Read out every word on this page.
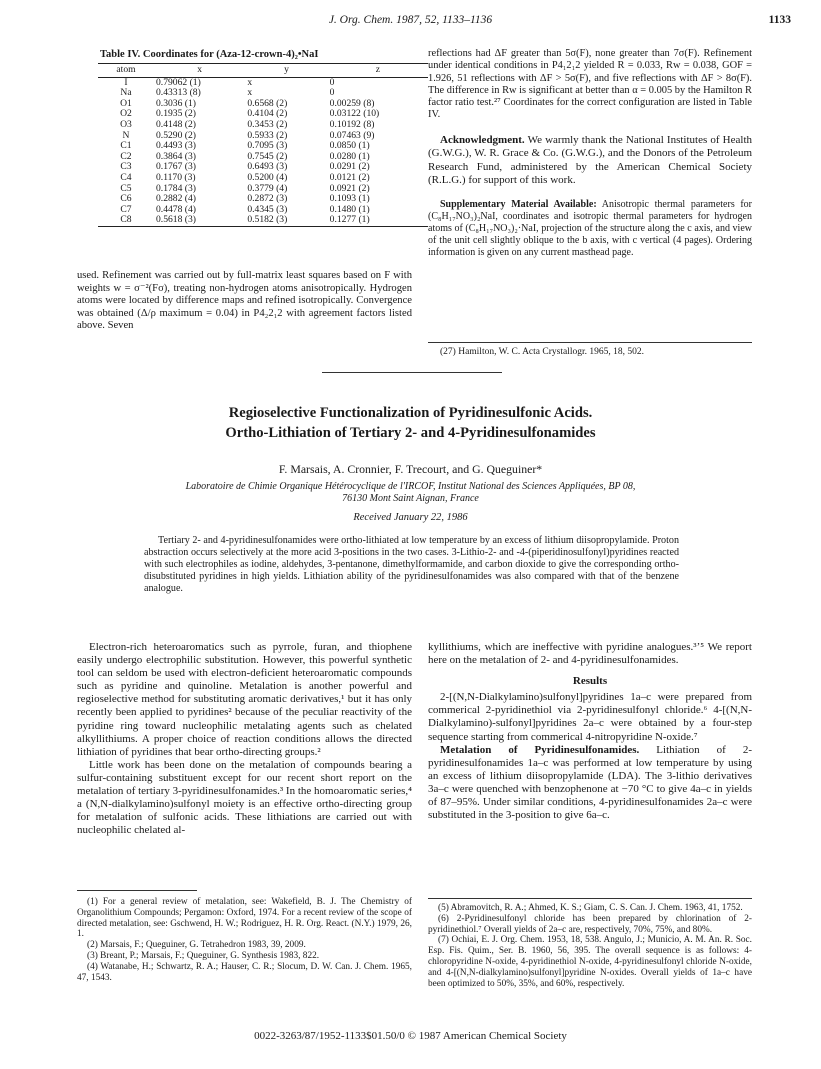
J. Org. Chem. 1987, 52, 1133–1136	1133
Table IV. Coordinates for (Aza-12-crown-4)₂•NaI
atom	x	y	z
I	0.79062 (1)	x	0
Na	0.43313 (8)	x	0
O1	0.3036 (1)	0.6568 (2)	0.00259 (8)
O2	0.1935 (2)	0.4104 (2)	0.03122 (10)
O3	0.4148 (2)	0.3453 (2)	0.10192 (8)
N	0.5290 (2)	0.5933 (2)	0.07463 (9)
C1	0.4493 (3)	0.7095 (3)	0.0850 (1)
C2	0.3864 (3)	0.7545 (2)	0.0280 (1)
C3	0.1767 (3)	0.6493 (3)	0.0291 (2)
C4	0.1170 (3)	0.5200 (4)	0.0121 (2)
C5	0.1784 (3)	0.3779 (4)	0.0921 (2)
C6	0.2882 (4)	0.2872 (3)	0.1093 (1)
C7	0.4478 (4)	0.4345 (3)	0.1480 (1)
C8	0.5618 (3)	0.5182 (3)	0.1277 (1)

used. Refinement was carried out by full-matrix least squares based on F with weights w = σ⁻²(Fσ), treating non-hydrogen atoms anisotropically. Hydrogen atoms were located by difference maps and refined isotropically. Convergence was obtained (Δ/ρ maximum = 0.04) in P4₂2₁2 with agreement factors listed above. Seven

reflections had ΔF greater than 5σ(F), none greater than 7σ(F). Refinement under identical conditions in P4₁2₁2 yielded R = 0.033, Rw = 0.038, GOF = 1.926, 51 reflections with ΔF > 5σ(F), and five reflections with ΔF > 8σ(F). The difference in Rw is significant at better than α = 0.005 by the Hamilton R factor ratio test.²⁷ Coordinates for the correct configuration are listed in Table IV.

Acknowledgment. We warmly thank the National Institutes of Health (G.W.G.), W. R. Grace & Co. (G.W.G.), and the Donors of the Petroleum Research Fund, administered by the American Chemical Society (R.L.G.) for support of this work.

Supplementary Material Available: Anisotropic thermal parameters for (C₈H₁₇NO₃)₂NaI, coordinates and isotropic thermal parameters for hydrogen atoms of (C₈H₁₇NO₃)₂·NaI, projection of the structure along the c axis, and view of the unit cell slightly oblique to the b axis, with c vertical (4 pages). Ordering information is given on any current masthead page.

(27) Hamilton, W. C. Acta Crystallogr. 1965, 18, 502.
Regioselective Functionalization of Pyridinesulfonic Acids.
Ortho-Lithiation of Tertiary 2- and 4-Pyridinesulfonamides
F. Marsais, A. Cronnier, F. Trecourt, and G. Queguiner*
Laboratoire de Chimie Organique Hétérocyclique de l'IRCOF, Institut National des Sciences Appliquées, BP 08,
76130 Mont Saint Aignan, France
Received January 22, 1986
Tertiary 2- and 4-pyridinesulfonamides were ortho-lithiated at low temperature by an excess of lithium diisopropylamide. Proton abstraction occurs selectively at the more acid 3-positions in the two cases. 3-Lithio-2- and -4-(piperidinosulfonyl)pyridines reacted with such electrophiles as iodine, aldehydes, 3-pentanone, dimethylformamide, and carbon dioxide to give the corresponding ortho-disubstituted pyridines in high yields. Lithiation ability of the pyridinesulfonamides was also compared with that of the benzene analogue.

Electron-rich heteroaromatics such as pyrrole, furan, and thiophene easily undergo electrophilic substitution. However, this powerful synthetic tool can seldom be used with electron-deficient heteroaromatic compounds such as pyridine and quinoline. Metalation is another powerful and regioselective method for substituting aromatic derivatives,¹ but it has only recently been applied to pyridines² because of the peculiar reactivity of the pyridine ring toward nucleophilic metalating agents such as chelated alkyllithiums. A proper choice of reaction conditions allows the directed lithiation of pyridines that bear ortho-directing groups.²

Little work has been done on the metalation of compounds bearing a sulfur-containing substituent except for our recent short report on the metalation of tertiary 3-pyridinesulfonamides.³ In the homoaromatic series,⁴ a (N,N-dialkylamino)sulfonyl moiety is an effective ortho-directing group for metalation of sulfonic acids. These lithiations are carried out with nucleophilic chelated al-

(1) For a general review of metalation, see: Wakefield, B. J. The Chemistry of Organolithium Compounds; Pergamon: Oxford, 1974. For a recent review of the scope of directed metalation, see: Gschwend, H. W.; Rodriguez, H. R. Org. React. (N.Y.) 1979, 26, 1.

(2) Marsais, F.; Queguiner, G. Tetrahedron 1983, 39, 2009.

(3) Breant, P.; Marsais, F.; Queguiner, G. Synthesis 1983, 822.

(4) Watanabe, H.; Schwartz, R. A.; Hauser, C. R.; Slocum, D. W. Can. J. Chem. 1965, 47, 1543.

kyllithiums, which are ineffective with pyridine analogues.³ʼ⁵ We report here on the metalation of 2- and 4-pyridinesulfonamides.

Results

2-[(N,N-Dialkylamino)sulfonyl]pyridines 1a–c were prepared from commerical 2-pyridinethiol via 2-pyridinesulfonyl chloride.⁶ 4-[(N,N-Dialkylamino)-sulfonyl]pyridines 2a–c were obtained by a four-step sequence starting from commerical 4-nitropyridine N-oxide.⁷

Metalation of Pyridinesulfonamides. Lithiation of 2-pyridinesulfonamides 1a–c was performed at low temperature by using an excess of lithium diisopropylamide (LDA). The 3-lithio derivatives 3a–c were quenched with benzophenone at −70 °C to give 4a–c in yields of 87–95%. Under similar conditions, 4-pyridinesulfonamides 2a–c were substituted in the 3-position to give 6a–c.

(5) Abramovitch, R. A.; Ahmed, K. S.; Giam, C. S. Can. J. Chem. 1963, 41, 1752.

(6) 2-Pyridinesulfonyl chloride has been prepared by chlorination of 2-pyridinethiol.⁷ Overall yields of 2a–c are, respectively, 70%, 75%, and 80%.

(7) Ochiai, E. J. Org. Chem. 1953, 18, 538. Angulo, J.; Municio, A. M. An. R. Soc. Esp. Fis. Quim., Ser. B. 1960, 56, 395. The overall sequence is as follows: 4-chloropyridine N-oxide, 4-pyridinethiol N-oxide, 4-pyridinesulfonyl chloride N-oxide, and 4-[(N,N-dialkylamino)sulfonyl]pyridine N-oxides. Overall yields of 1a–c have been optimized to 50%, 35%, and 60%, respectively.

0022-3263/87/1952-1133$01.50/0 © 1987 American Chemical Society
